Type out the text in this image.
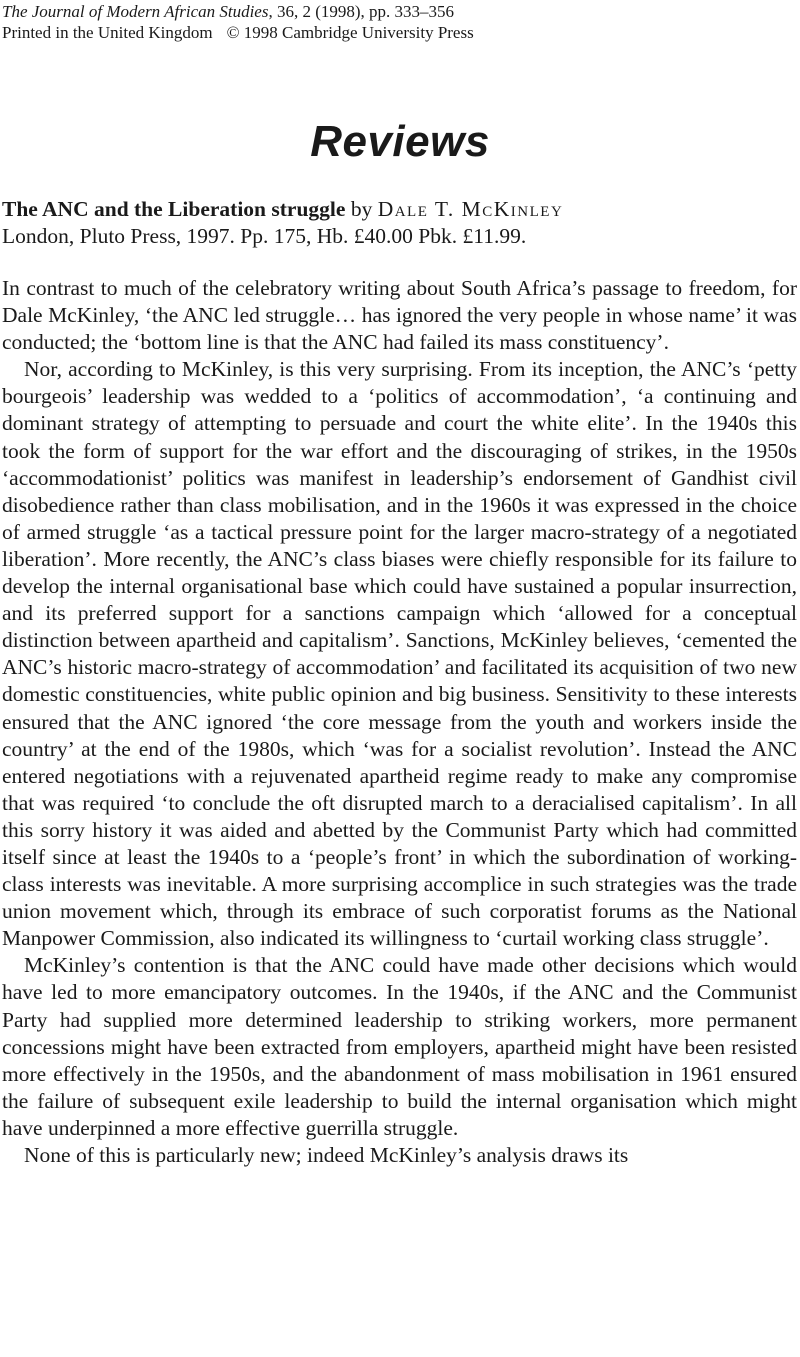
The Journal of Modern African Studies, 36, 2 (1998), pp. 333–356
Printed in the United Kingdom © 1998 Cambridge University Press
Reviews
The ANC and the Liberation struggle by Dale T. McKinley
London, Pluto Press, 1997. Pp. 175, Hb. £40.00 Pbk. £11.99.

In contrast to much of the celebratory writing about South Africa’s passage to freedom, for Dale McKinley, ‘the ANC led struggle… has ignored the very people in whose name’ it was conducted; the ‘bottom line is that the ANC had failed its mass constituency’.

Nor, according to McKinley, is this very surprising. From its inception, the ANC’s ‘petty bourgeois’ leadership was wedded to a ‘politics of accommodation’, ‘a continuing and dominant strategy of attempting to persuade and court the white elite’. In the 1940s this took the form of support for the war effort and the discouraging of strikes, in the 1950s ‘accommodationist’ politics was manifest in leadership’s endorsement of Gandhist civil disobedience rather than class mobilisation, and in the 1960s it was expressed in the choice of armed struggle ‘as a tactical pressure point for the larger macro-strategy of a negotiated liberation’. More recently, the ANC’s class biases were chiefly responsible for its failure to develop the internal organisational base which could have sustained a popular insurrection, and its preferred support for a sanctions campaign which ‘allowed for a conceptual distinction between apartheid and capitalism’. Sanctions, McKinley believes, ‘cemented the ANC’s historic macro-strategy of accommodation’ and facilitated its acquisition of two new domestic constituencies, white public opinion and big business. Sensitivity to these interests ensured that the ANC ignored ‘the core message from the youth and workers inside the country’ at the end of the 1980s, which ‘was for a socialist revolution’. Instead the ANC entered negotiations with a rejuvenated apartheid regime ready to make any compromise that was required ‘to conclude the oft disrupted march to a deracialised capitalism’. In all this sorry history it was aided and abetted by the Communist Party which had committed itself since at least the 1940s to a ‘people’s front’ in which the subordination of working-class interests was inevitable. A more surprising accomplice in such strategies was the trade union movement which, through its embrace of such corporatist forums as the National Manpower Commission, also indicated its willingness to ‘curtail working class struggle’.

McKinley’s contention is that the ANC could have made other decisions which would have led to more emancipatory outcomes. In the 1940s, if the ANC and the Communist Party had supplied more determined leadership to striking workers, more permanent concessions might have been extracted from employers, apartheid might have been resisted more effectively in the 1950s, and the abandonment of mass mobilisation in 1961 ensured the failure of subsequent exile leadership to build the internal organisation which might have underpinned a more effective guerrilla struggle.

None of this is particularly new; indeed McKinley’s analysis draws its
